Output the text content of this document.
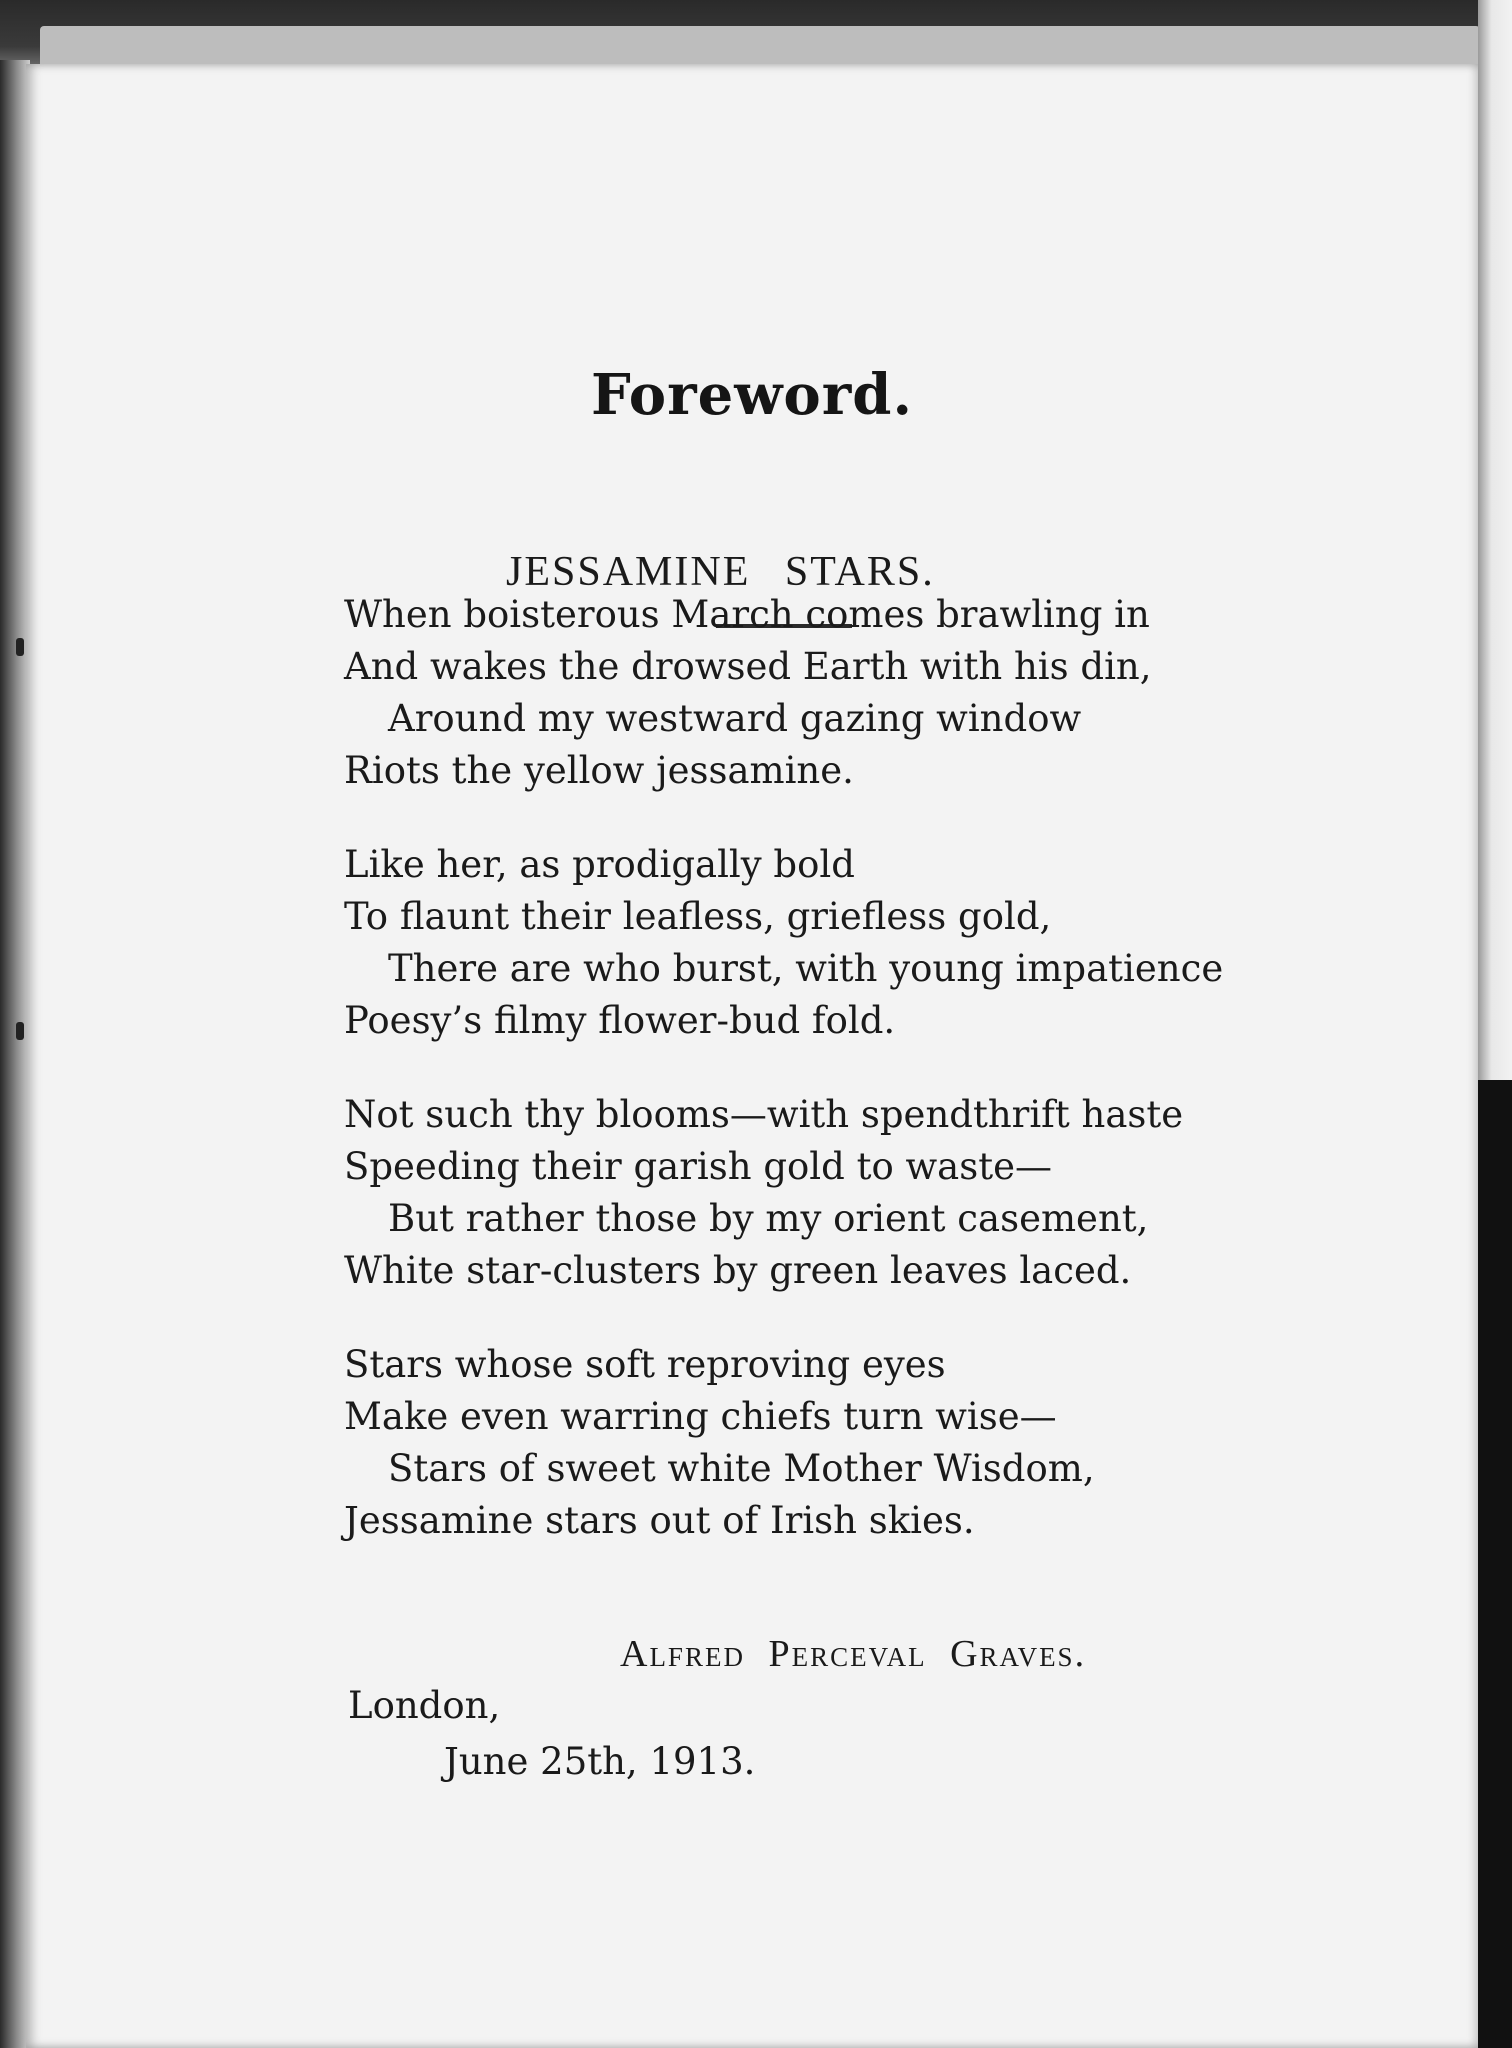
Foreword.
JESSAMINE STARS.
When boisterous March comes brawling in
And wakes the drowsed Earth with his din,
Around my westward gazing window
Riots the yellow jessamine.
Like her, as prodigally bold
To flaunt their leafless, griefless gold,
There are who burst, with young impatience
Poesy’s filmy flower-bud fold.
Not such thy blooms—with spendthrift haste
Speeding their garish gold to waste—
But rather those by my orient casement,
White star-clusters by green leaves laced.
Stars whose soft reproving eyes
Make even warring chiefs turn wise—
Stars of sweet white Mother Wisdom,
Jessamine stars out of Irish skies.
Alfred Perceval Graves.
London,
June 25th, 1913.
